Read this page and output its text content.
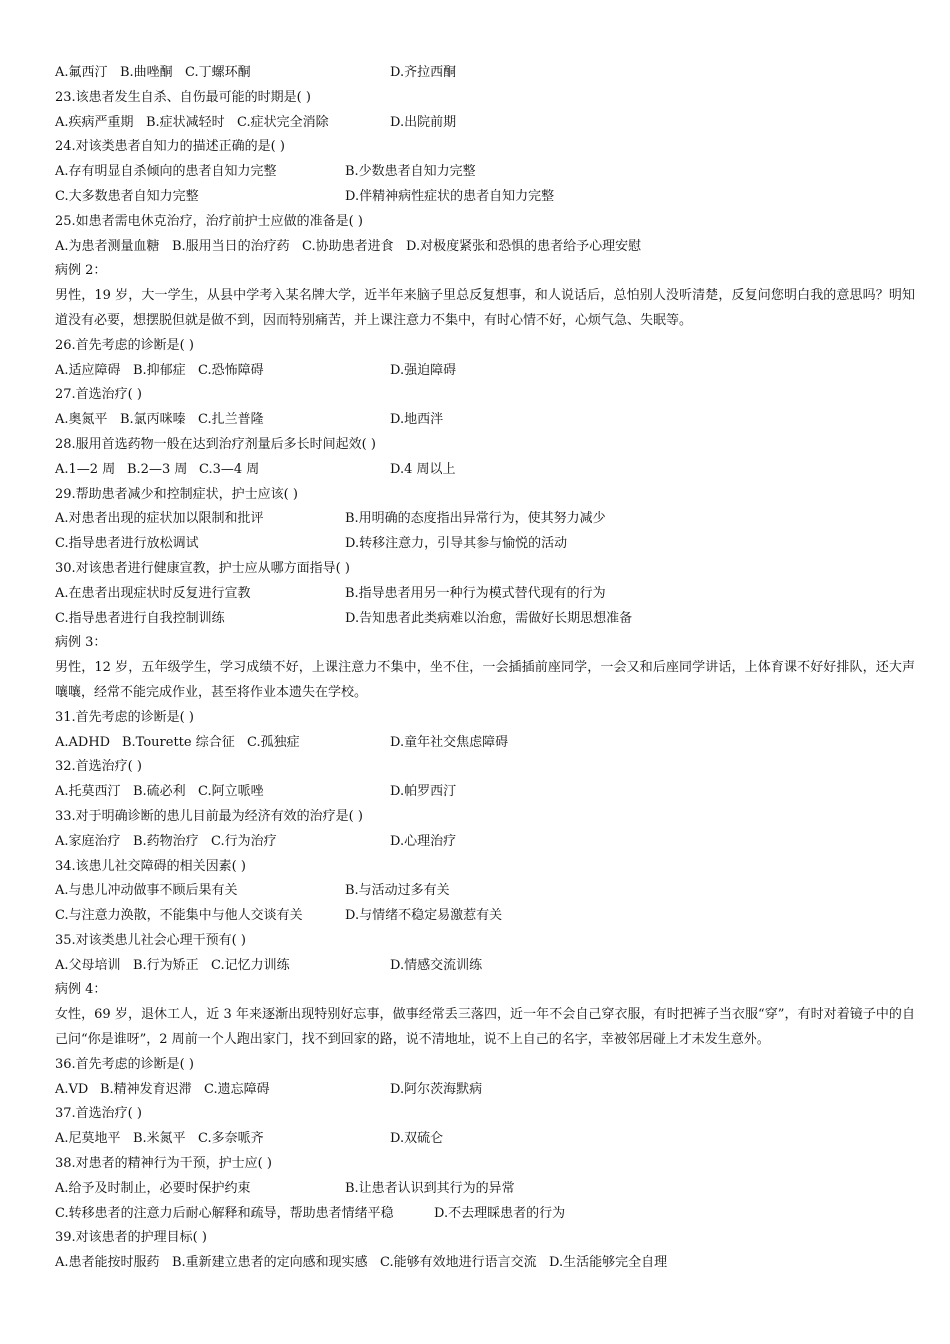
A.氟西汀 B.曲唑酮 C.丁螺环酮	D.齐拉西酮
23.该患者发生自杀、自伤最可能的时期是( )
A.疾病严重期 B.症状减轻时 C.症状完全消除	D.出院前期
24.对该类患者自知力的描述正确的是( )
A.存有明显自杀倾向的患者自知力完整	B.少数患者自知力完整
C.大多数患者自知力完整	D.伴精神病性症状的患者自知力完整
25.如患者需电休克治疗，治疗前护士应做的准备是( )
A.为患者测量血糖 B.服用当日的治疗药 C.协助患者进食 D.对极度紧张和恐惧的患者给予心理安慰
病例 2：
男性，19 岁，大一学生，从县中学考入某名牌大学，近半年来脑子里总反复想事，和人说话后，总怕别人没听清楚，反复问您明白我的意思吗？明知道没有必要，想摆脱但就是做不到，因而特别痛苦，并上课注意力不集中，有时心情不好，心烦气急、失眠等。
26.首先考虑的诊断是( )
A.适应障碍 B.抑郁症 C.恐怖障碍	D.强迫障碍
27.首选治疗( )
A.奥氮平 B.氯丙咪嗪 C.扎兰普隆	D.地西泮
28.服用首选药物一般在达到治疗剂量后多长时间起效( )
A.1—2 周 B.2—3 周 C.3—4 周	D.4 周以上
29.帮助患者减少和控制症状，护士应该( )
A.对患者出现的症状加以限制和批评	B.用明确的态度指出异常行为，使其努力减少
C.指导患者进行放松调试	D.转移注意力，引导其参与愉悦的活动
30.对该患者进行健康宣教，护士应从哪方面指导( )
A.在患者出现症状时反复进行宣教	B.指导患者用另一种行为模式替代现有的行为
C.指导患者进行自我控制训练	D.告知患者此类病难以治愈，需做好长期思想准备
病例 3：
男性，12 岁，五年级学生，学习成绩不好，上课注意力不集中，坐不住，一会插插前座同学，一会又和后座同学讲话，上体育课不好好排队，还大声嚷嚷，经常不能完成作业，甚至将作业本遗失在学校。
31.首先考虑的诊断是( )
A.ADHD B.Tourette 综合征 C.孤独症	D.童年社交焦虑障碍
32.首选治疗( )
A.托莫西汀 B.硫必利 C.阿立哌唑	D.帕罗西汀
33.对于明确诊断的患儿目前最为经济有效的治疗是( )
A.家庭治疗 B.药物治疗 C.行为治疗	D.心理治疗
34.该患儿社交障碍的相关因素( )
A.与患儿冲动做事不顾后果有关	B.与活动过多有关
C.与注意力涣散，不能集中与他人交谈有关	D.与情绪不稳定易激惹有关
35.对该类患儿社会心理干预有( )
A.父母培训 B.行为矫正 C.记忆力训练	D.情感交流训练
病例 4：
女性，69 岁，退休工人，近 3 年来逐渐出现特别好忘事，做事经常丢三落四，近一年不会自己穿衣服，有时把裤子当衣服“穿”，有时对着镜子中的自己问“你是谁呀”，2 周前一个人跑出家门，找不到回家的路，说不清地址，说不上自己的名字，幸被邻居碰上才未发生意外。
36.首先考虑的诊断是( )
A.VD B.精神发育迟滞 C.遗忘障碍	D.阿尔茨海默病
37.首选治疗( )
A.尼莫地平 B.米氮平 C.多奈哌齐	D.双硫仑
38.对患者的精神行为干预，护士应( )
A.给予及时制止，必要时保护约束	B.让患者认识到其行为的异常
C.转移患者的注意力后耐心解释和疏导，帮助患者情绪平稳	D.不去理睬患者的行为
39.对该患者的护理目标( )
A.患者能按时服药 B.重新建立患者的定向感和现实感 C.能够有效地进行语言交流 D.生活能够完全自理
